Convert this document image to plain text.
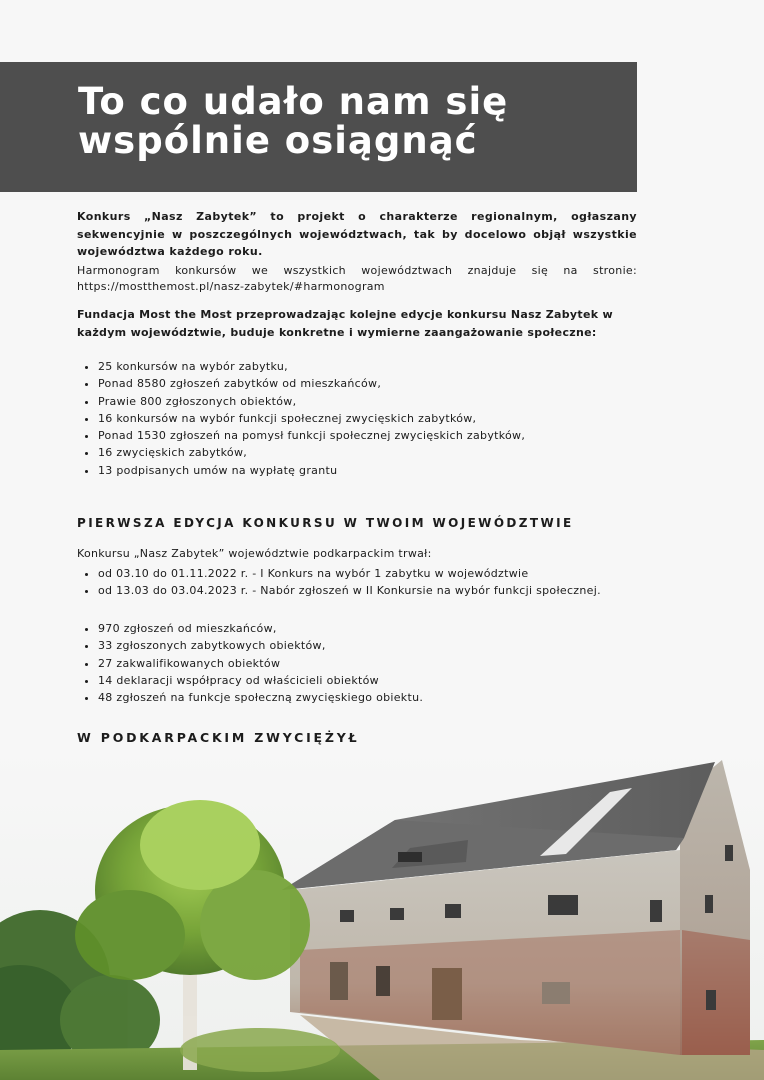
To co udało nam się
wspólnie osiągnąć

Konkurs „Nasz Zabytek” to projekt o charakterze regionalnym, ogłaszany sekwencyjnie w poszczególnych województwach, tak by docelowo objął wszystkie województwa każdego roku.

Harmonogram konkursów we wszystkich województwach znajduje się na stronie: https://mostthemost.pl/nasz-zabytek/#harmonogram

Fundacja Most the Most przeprowadzając kolejne edycje konkursu Nasz Zabytek w każdym województwie, buduje konkretne i wymierne zaangażowanie społeczne:

• 25 konkursów na wybór zabytku,
• Ponad 8580 zgłoszeń zabytków od mieszkańców,
• Prawie 800 zgłoszonych obiektów,
• 16 konkursów na wybór funkcji społecznej zwycięskich zabytków,
• Ponad 1530 zgłoszeń na pomysł funkcji społecznej zwycięskich zabytków,
• 16 zwycięskich zabytków,
• 13 podpisanych umów na wypłatę grantu
PIERWSZA EDYCJA KONKURSU W TWOIM WOJEWÓDZTWIE

Konkursu „Nasz Zabytek” województwie podkarpackim trwał:

• od 03.10 do 01.11.2022 r. - I Konkurs na wybór 1 zabytku w województwie
• od 13.03 do 03.04.2023 r. - Nabór zgłoszeń w II Konkursie na wybór funkcji społecznej.
• 970 zgłoszeń od mieszkańców,
• 33 zgłoszonych zabytkowych obiektów,
• 27 zakwalifikowanych obiektów
• 14 deklaracji współpracy od właścicieli obiektów
• 48 zgłoszeń na funkcje społeczną zwycięskiego obiektu.
W PODKARPACKIM ZWYCIĘŻYŁ
